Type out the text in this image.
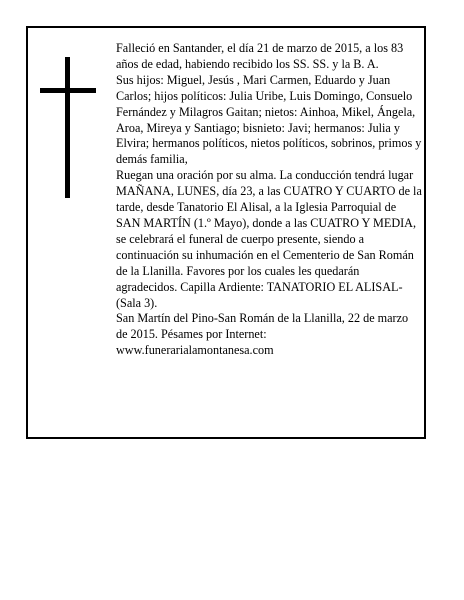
Falleció en Santander, el día 21 de marzo de 2015, a los 83 años de edad, habiendo recibido los SS. SS. y la B. A.

Sus hijos: Miguel, Jesús , Mari Carmen, Eduardo y Juan Carlos; hijos políticos: Julia Uribe, Luis Domingo, Consuelo Fernández y Milagros Gaitan; nietos: Ainhoa, Mikel, Ángela, Aroa, Mireya y Santiago; bisnieto: Javi; hermanos: Julia y Elvira; hermanos políticos, nietos políticos, sobrinos, primos y demás familia,

Ruegan una oración por su alma. La conducción tendrá lugar MAÑANA, LUNES, día 23, a las CUATRO Y CUARTO de la tarde, desde Tanatorio El Alisal, a la Iglesia Parroquial de SAN MARTÍN (1.º Mayo), donde a las CUATRO Y MEDIA, se celebrará el funeral de cuerpo presente, siendo a continuación su inhumación en el Cementerio de San Román de la Llanilla. Favores por los cuales les quedarán agradecidos. Capilla Ardiente: TANATORIO EL ALISAL-(Sala 3).

San Martín del Pino-San Román de la Llanilla, 22 de marzo de 2015. Pésames por Internet: www.funerarialamontanesa.com
